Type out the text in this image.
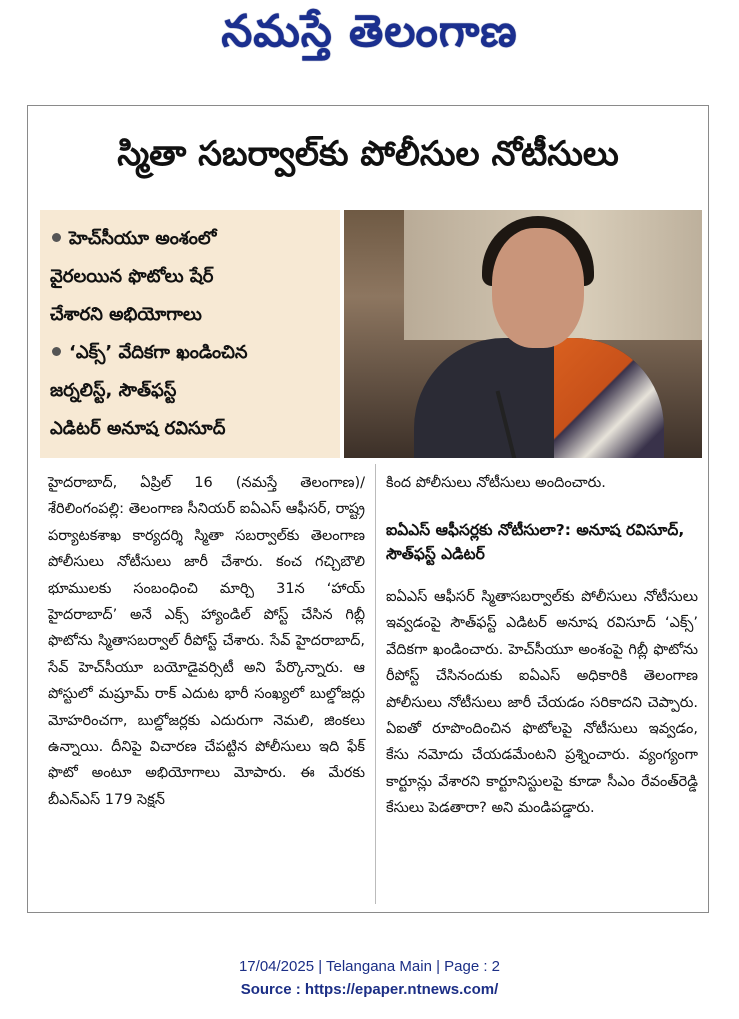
నమస్తే తెలంగాణ
స్మితా సబర్వాల్‌కు పోలీసుల నోటీసులు
హెచ్‌సీయూ అంశంలో
వైరలయిన ఫొటోలు షేర్
చేశారని అభియోగాలు
‘ఎక్స్’ వేదికగా ఖండించిన
జర్నలిస్ట్, సౌత్‌ఫస్ట్
ఎడిటర్ అనూష రవిసూద్

హైదరాబాద్, ఏప్రిల్ 16 (నమస్తే తెలంగాణ)/శేరిలింగంపల్లి: తెలంగాణ సీనియర్ ఐఏఎస్ ఆఫీసర్, రాష్ట్ర పర్యాటకశాఖ కార్యదర్శి స్మితా సబర్వాల్‌కు తెలంగాణ పోలీసులు నోటీసులు జారీ చేశారు. కంచ గచ్చిబౌలి భూములకు సంబంధించి మార్చి 31న ‘హాయ్ హైదరాబాద్’ అనే ఎక్స్ హ్యాండిల్ పోస్ట్ చేసిన గిబ్లీ ఫొటోను స్మితాసబర్వాల్ రీపోస్ట్ చేశారు. సేవ్ హైదరాబాద్, సేవ్ హెచ్‌సీయూ బయోడైవర్సిటీ అని పేర్కొన్నారు. ఆ పోస్టులో మష్రూమ్ రాక్ ఎదుట భారీ సంఖ్యలో బుల్డోజర్లు మోహరించగా, బుల్డోజర్లకు ఎదురుగా నెమలి, జింకలు ఉన్నాయి. దీనిపై విచారణ చేపట్టిన పోలీసులు ఇది ఫేక్ ఫొటో అంటూ అభియోగాలు మోపారు. ఈ మేరకు బీఎన్ఎస్ 179 సెక్షన్

కింద పోలీసులు నోటీసులు అందించారు.

ఐఏఎస్ ఆఫీసర్లకు నోటీసులా?: అనూష రవిసూద్, సౌత్‌ఫస్ట్ ఎడిటర్

ఐఏఎస్ ఆఫీసర్ స్మితాసబర్వాల్‌కు పోలీసులు నోటీసులు ఇవ్వడంపై సౌత్‌ఫస్ట్ ఎడిటర్ అనూష రవిసూద్ ‘ఎక్స్’ వేదికగా ఖండించారు. హెచ్‌సీయూ అంశంపై గిబ్లీ ఫొటోను రీపోస్ట్ చేసినందుకు ఐఏఎస్ అధికారికి తెలంగాణ పోలీసులు నోటీసులు జారీ చేయడం సరికాదని చెప్పారు. ఏఐతో రూపొందించిన ఫొటోలపై నోటీసులు ఇవ్వడం, కేసు నమోదు చేయడమేంటని ప్రశ్నించారు. వ్యంగ్యంగా కార్టూన్లు వేశారని కార్టూనిస్టులపై కూడా సీఎం రేవంత్‌రెడ్డి కేసులు పెడతారా? అని మండిపడ్డారు.

17/04/2025 | Telangana Main | Page : 2
Source : https://epaper.ntnews.com/
